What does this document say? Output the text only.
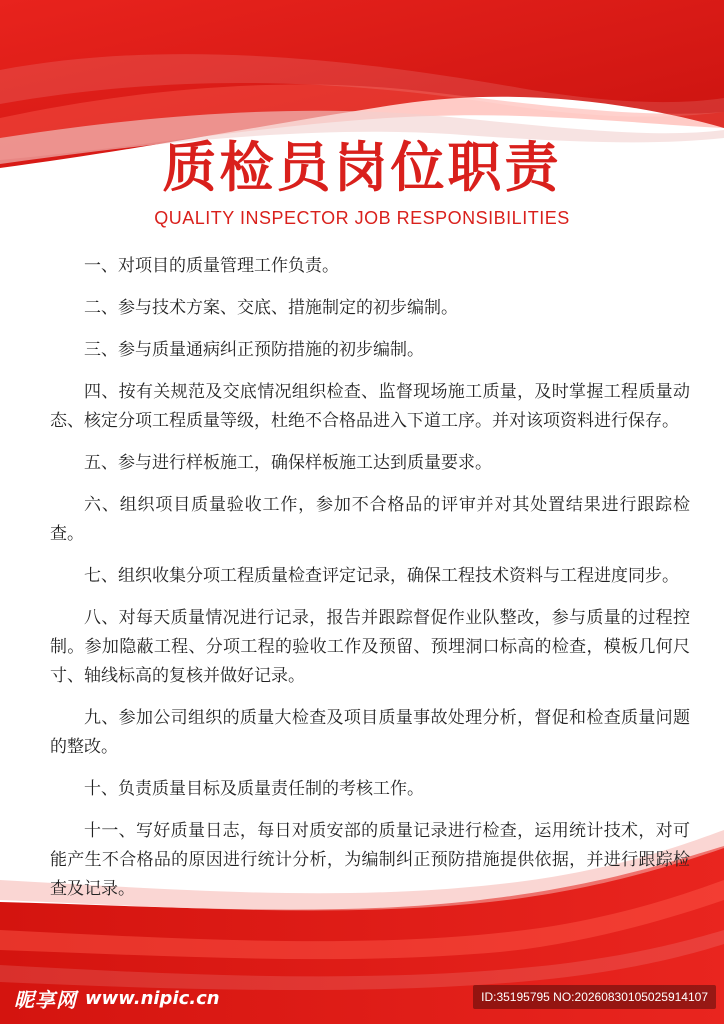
质检员岗位职责
QUALITY INSPECTOR JOB RESPONSIBILITIES
一、对项目的质量管理工作负责。
二、参与技术方案、交底、措施制定的初步编制。
三、参与质量通病纠正预防措施的初步编制。
四、按有关规范及交底情况组织检查、监督现场施工质量，及时掌握工程质量动态、核定分项工程质量等级，杜绝不合格品进入下道工序。并对该项资料进行保存。
五、参与进行样板施工，确保样板施工达到质量要求。
六、组织项目质量验收工作，参加不合格品的评审并对其处置结果进行跟踪检查。
七、组织收集分项工程质量检查评定记录，确保工程技术资料与工程进度同步。
八、对每天质量情况进行记录，报告并跟踪督促作业队整改，参与质量的过程控制。参加隐蔽工程、分项工程的验收工作及预留、预埋洞口标高的检查，模板几何尺寸、轴线标高的复核并做好记录。
九、参加公司组织的质量大检查及项目质量事故处理分析，督促和检查质量问题的整改。
十、负责质量目标及质量责任制的考核工作。
十一、写好质量日志，每日对质安部的质量记录进行检查，运用统计技术，对可能产生不合格品的原因进行统计分析，为编制纠正预防措施提供依据，并进行跟踪检查及记录。
昵享网 www.nipic.cn	ID:35195795 NO:20260830105025914107
